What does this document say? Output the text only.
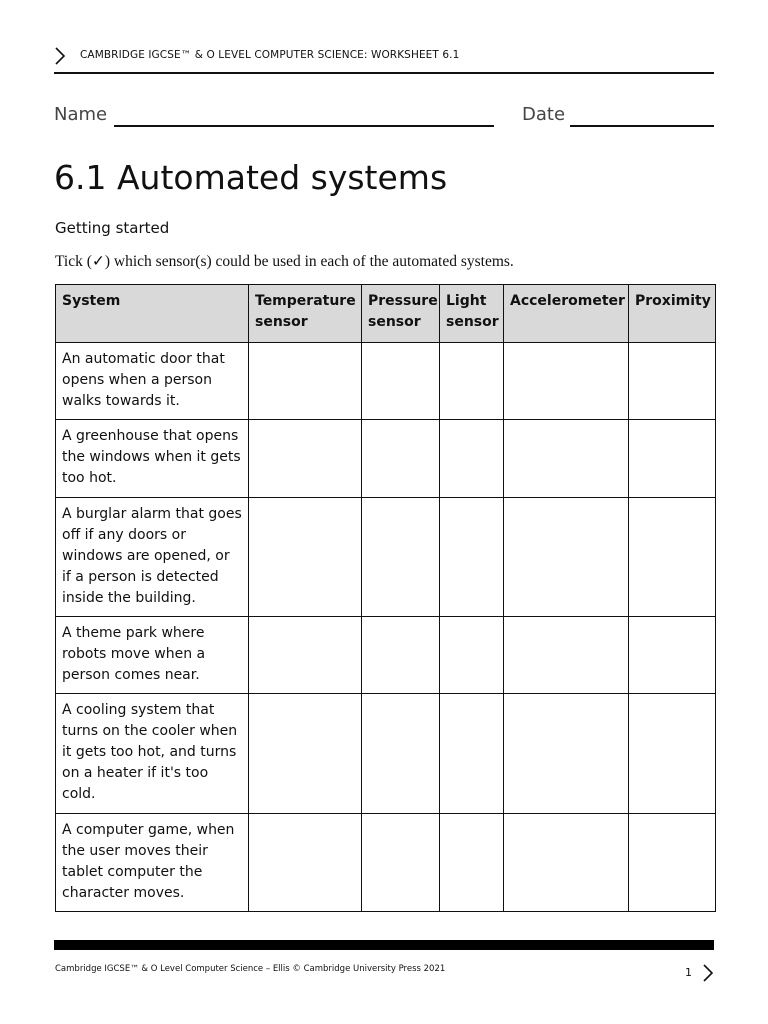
CAMBRIDGE IGCSE™ & O LEVEL COMPUTER SCIENCE: WORKSHEET 6.1
Name	Date
6.1 Automated systems
Getting started
Tick (✓) which sensor(s) could be used in each of the automated systems.
System	Temperature sensor	Pressure sensor	Light sensor	Accelerometer	Proximity
An automatic door that opens when a person walks towards it.					
A greenhouse that opens the windows when it gets too hot.					
A burglar alarm that goes off if any doors or windows are opened, or if a person is detected inside the building.					
A theme park where robots move when a person comes near.					
A cooling system that turns on the cooler when it gets too hot, and turns on a heater if it's too cold.					
A computer game, when the user moves their tablet computer the character moves.					
Cambridge IGCSE™ & O Level Computer Science – Ellis © Cambridge University Press 2021	1
